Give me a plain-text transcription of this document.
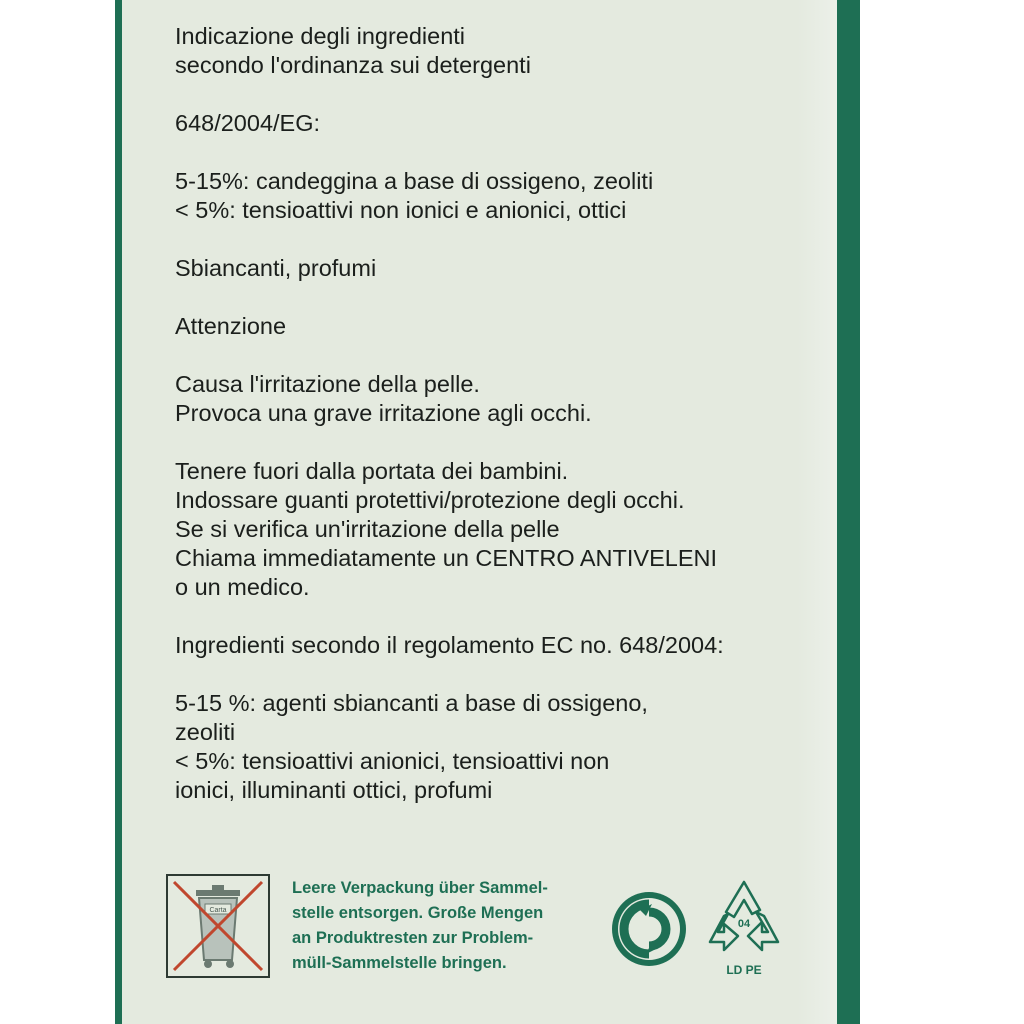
Indicazione degli ingredienti
secondo l'ordinanza sui detergenti

648/2004/EG:

5-15%: candeggina a base di ossigeno, zeoliti
< 5%: tensioattivi non ionici e anionici, ottici

Sbiancanti, profumi

Attenzione

Causa l'irritazione della pelle.
Provoca una grave irritazione agli occhi.

Tenere fuori dalla portata dei bambini.
Indossare guanti protettivi/protezione degli occhi.
Se si verifica un'irritazione della pelle
Chiama immediatamente un CENTRO ANTIVELENI
o un medico.

Ingredienti secondo il regolamento EC no. 648/2004:

5-15 %: agenti sbiancanti a base di ossigeno,
zeoliti
< 5%: tensioattivi anionici, tensioattivi non
ionici, illuminanti ottici, profumi

Carta
Leere Verpackung über Sammel-
stelle entsorgen. Große Mengen
an Produktresten zur Problem-
müll-Sammelstelle bringen.
04
LD PE
